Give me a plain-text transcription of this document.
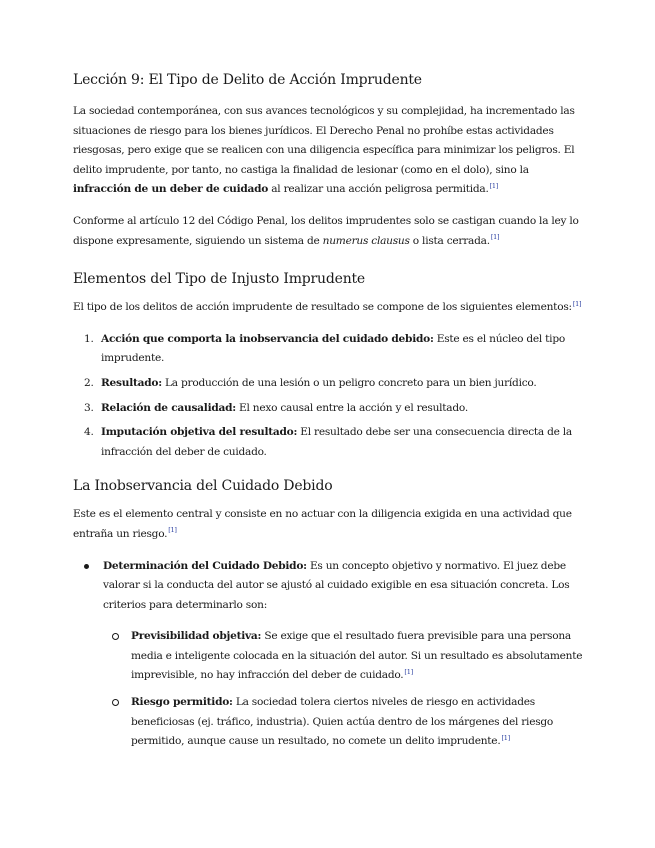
Lección 9: El Tipo de Delito de Acción Imprudente

La sociedad contemporánea, con sus avances tecnológicos y su complejidad, ha incrementado las situaciones de riesgo para los bienes jurídicos. El Derecho Penal no prohíbe estas actividades riesgosas, pero exige que se realicen con una diligencia específica para minimizar los peligros. El delito imprudente, por tanto, no castiga la finalidad de lesionar (como en el dolo), sino la infracción de un deber de cuidado al realizar una acción peligrosa permitida.[1]

Conforme al artículo 12 del Código Penal, los delitos imprudentes solo se castigan cuando la ley lo dispone expresamente, siguiendo un sistema de numerus clausus o lista cerrada.[1]

Elementos del Tipo de Injusto Imprudente

El tipo de los delitos de acción imprudente de resultado se compone de los siguientes elementos:[1]

1. Acción que comporta la inobservancia del cuidado debido: Este es el núcleo del tipo imprudente.
2. Resultado: La producción de una lesión o un peligro concreto para un bien jurídico.
3. Relación de causalidad: El nexo causal entre la acción y el resultado.
4. Imputación objetiva del resultado: El resultado debe ser una consecuencia directa de la infracción del deber de cuidado.
La Inobservancia del Cuidado Debido

Este es el elemento central y consiste en no actuar con la diligencia exigida en una actividad que entraña un riesgo.[1]

Determinación del Cuidado Debido: Es un concepto objetivo y normativo. El juez debe valorar si la conducta del autor se ajustó al cuidado exigible en esa situación concreta. Los criterios para determinarlo son:
Previsibilidad objetiva: Se exige que el resultado fuera previsible para una persona media e inteligente colocada en la situación del autor. Si un resultado es absolutamente imprevisible, no hay infracción del deber de cuidado.[1]
Riesgo permitido: La sociedad tolera ciertos niveles de riesgo en actividades beneficiosas (ej. tráfico, industria). Quien actúa dentro de los márgenes del riesgo permitido, aunque cause un resultado, no comete un delito imprudente.[1]
